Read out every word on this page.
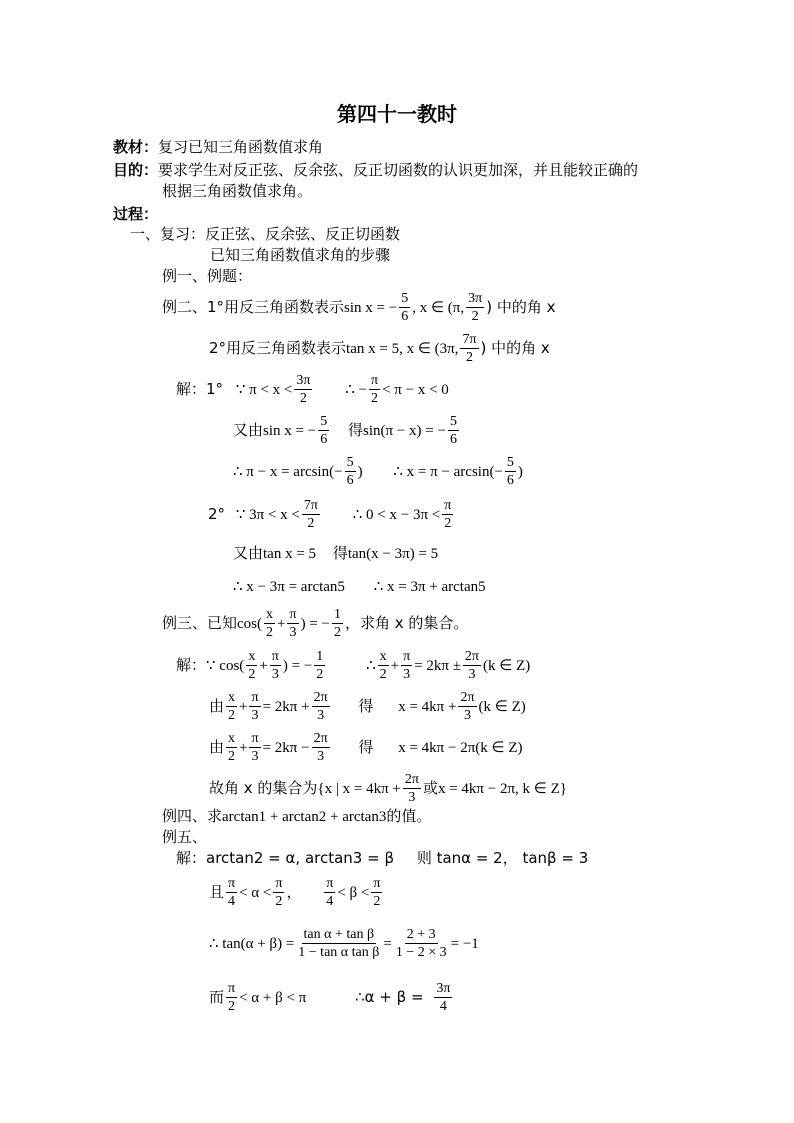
第四十一教时
教材：复习已知三角函数值求角
目的：要求学生对反正弦、反余弦、反正切函数的认识更加深，并且能较正确的
根据三角函数值求角。
过程：
一、复习：反正弦、反余弦、反正切函数
已知三角函数值求角的步骤
例一、例题：
例二、1°用反三角函数表示sin x = − $\frac{5}{6}$ , x ∈ (π, $\frac{3\pi}{2}$ ) 中的角 x
2°用反三角函数表示tan x = 5, x ∈ (3π, $\frac{7\pi}{2}$ ) 中的角 x
解：1° ∵ $\pi < x < \frac{3\pi}{2}$ ∴ − $\frac{\pi}{2} < \pi - x < 0$
又由sin x = − $\frac{5}{6}$ 得sin(π − x) = − $\frac{5}{6}$
∴ $\pi - x = \arcsin(- \frac{5}{6}$ ) ∴ $x = \pi - \arcsin(- \frac{5}{6}$ )
2° ∵ $3\pi < x < \frac{7\pi}{2}$ ∴ $0 < x - 3\pi < \frac{\pi}{2}$
又由tan x = 5 得tan(x − 3π) = 5
∴ x − 3π = arctan5 ∴ x = 3π + arctan5
例三、已知$\cos( \frac{x}{2} + \frac{\pi}{3}$ ) = − $\frac{1}{2}$ ，求角 x 的集合。
解：∵ $\cos( \frac{x}{2} + \frac{\pi}{3}$ ) = − $\frac{1}{2}$	∴ $\frac{x}{2} + \frac{\pi}{3} = 2k\pi \pm \frac{2\pi}{3} (k$ ∈ Z)
由 $\frac{x}{2} + \frac{\pi}{3} = 2k\pi + \frac{2\pi}{3}$ 得 $x = 4k\pi + \frac{2\pi}{3} (k$ ∈ Z)
由 $\frac{x}{2} + \frac{\pi}{3} = 2k\pi - \frac{2\pi}{3}$ 得 x = 4kπ − 2π(k ∈ Z)
故角 x 的集合为{x | $x = 4k\pi + \frac{2\pi}{3}$ 或x = 4kπ − 2π, k ∈ Z}
例四、求arctan1 + arctan2 + arctan3的值。
例五、
解：arctan2 = α, arctan3 = β 则 tanα = 2， tanβ = 3
且 $\frac{\pi}{4} < \alpha < \frac{\pi}{2}$ ， $\frac{\pi}{4} < \beta < \frac{\pi}{2}$
∴ $\tan(\alpha + \beta) = \frac{\text{tan α + tan β}}{\text{1 − tan α tan β}} = \frac{2 + 3}{1 - 2 \times 3} = -1$
而 $\frac{\pi}{2} < \alpha + \beta < \pi$	∴α + $\beta = \frac{3\pi}{4}$
